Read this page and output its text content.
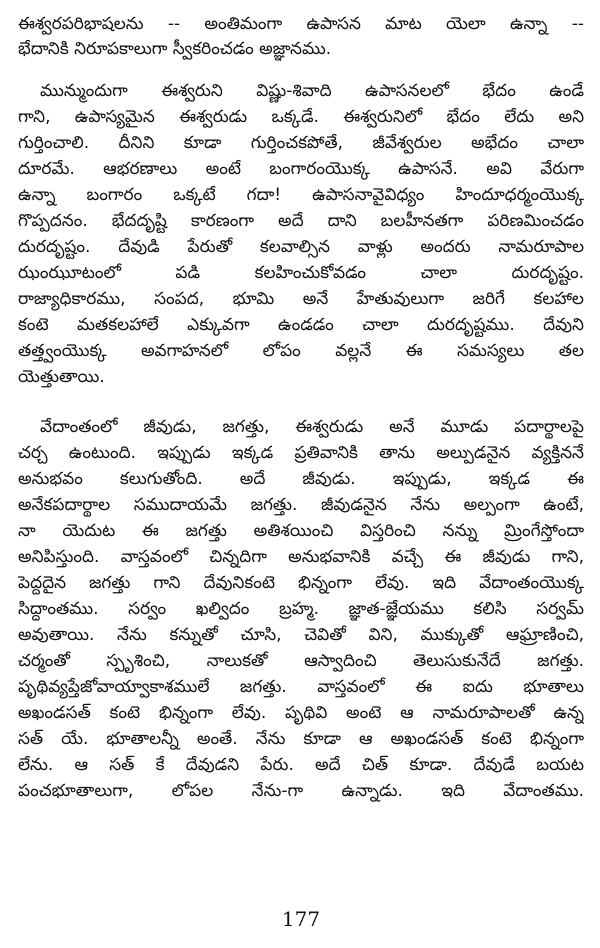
ఈశ్వరపరిభాషలను -- అంతిమంగా ఉపాసన మాట యెలా ఉన్నా --
భేదానికి నిరూపకాలుగా స్వీకరించడం అజ్ఞానము.
మున్ముందుగా ఈశ్వరుని విష్ణు-శివాది ఉపాసనలలో భేదం ఉండే
గాని, ఉపాస్యమైన ఈశ్వరుడు ఒక్కడే. ఈశ్వరునిలో భేదం లేదు అని
గుర్తించాలి. దీనిని కూడా గుర్తించకపోతే, జీవేశ్వరుల అభేదం చాలా
దూరమే. ఆభరణాలు అంటే బంగారంయొక్క ఉపాసనే. అవి వేరుగా
ఉన్నా బంగారం ఒక్కటే గదా! ఉపాసనావైవిధ్యం హిందూధర్మంయొక్క
గొప్పదనం. భేదదృష్టి కారణంగా అదే దాని బలహీనతగా పరిణమించడం
దురదృష్టం. దేవుడి పేరుతో కలవాల్సిన వాళ్లు అందరు నామరూపాల
ఝంఝూటంలో పడి కలహించుకోవడం చాలా దురదృష్టం.
రాజ్యాధికారము, సంపద, భూమి అనే హేతువులుగా జరిగే కలహాల
కంటె మతకలహాలే ఎక్కువగా ఉండడం చాలా దురదృష్టము. దేవుని
తత్త్వంయొక్క అవగాహనలో లోపం వల్లనే ఈ సమస్యలు తల
యెత్తుతాయి.
వేదాంతంలో జీవుడు, జగత్తు, ఈశ్వరుడు అనే మూడు పదార్థాలపై
చర్చ ఉంటుంది. ఇప్పుడు ఇక్కడ ప్రతివానికి తాను అల్పుడనైన వ్యక్తిననే
అనుభవం కలుగుతోంది. అదే జీవుడు. ఇప్పుడు, ఇక్కడ ఈ
అనేకపదార్థాల సముదాయమే జగత్తు. జీవుడనైన నేను అల్పంగా ఉంటే,
నా యెదుట ఈ జగత్తు అతిశయించి విస్తరించి నన్ను మ్రింగేస్తోందా
అనిపిస్తుంది. వాస్తవంలో చిన్నదిగా అనుభవానికి వచ్చే ఈ జీవుడు గాని,
పెద్దదైన జగత్తు గాని దేవునికంటె భిన్నంగా లేవు. ఇది వేదాంతంయొక్క
సిద్ధాంతము. సర్వం ఖల్విదం బ్రహ్మ. జ్ఞాత-జ్ఞేయము కలిసి సర్వమ్
అవుతాయి. నేను కన్నుతో చూసి, చెవితో విని, ముక్కుతో ఆఘ్రాణించి,
చర్మంతో స్పృశించి, నాలుకతో ఆస్వాదించి తెలుసుకునేదే జగత్తు.
పృథివ్యప్తేజోవాయ్వాకాశములే జగత్తు. వాస్తవంలో ఈ ఐదు భూతాలు
అఖండసత్ కంటె భిన్నంగా లేవు. పృథివి అంటె ఆ నామరూపాలతో ఉన్న
సత్ యే. భూతాలన్నీ అంతే. నేను కూడా ఆ అఖండసత్ కంటె భిన్నంగా
లేను. ఆ సత్ కే దేవుడని పేరు. అదే చిత్ కూడా. దేవుడే బయట
పంచభూతాలుగా, లోపల నేను-గా ఉన్నాడు. ఇది వేదాంతము.
177
